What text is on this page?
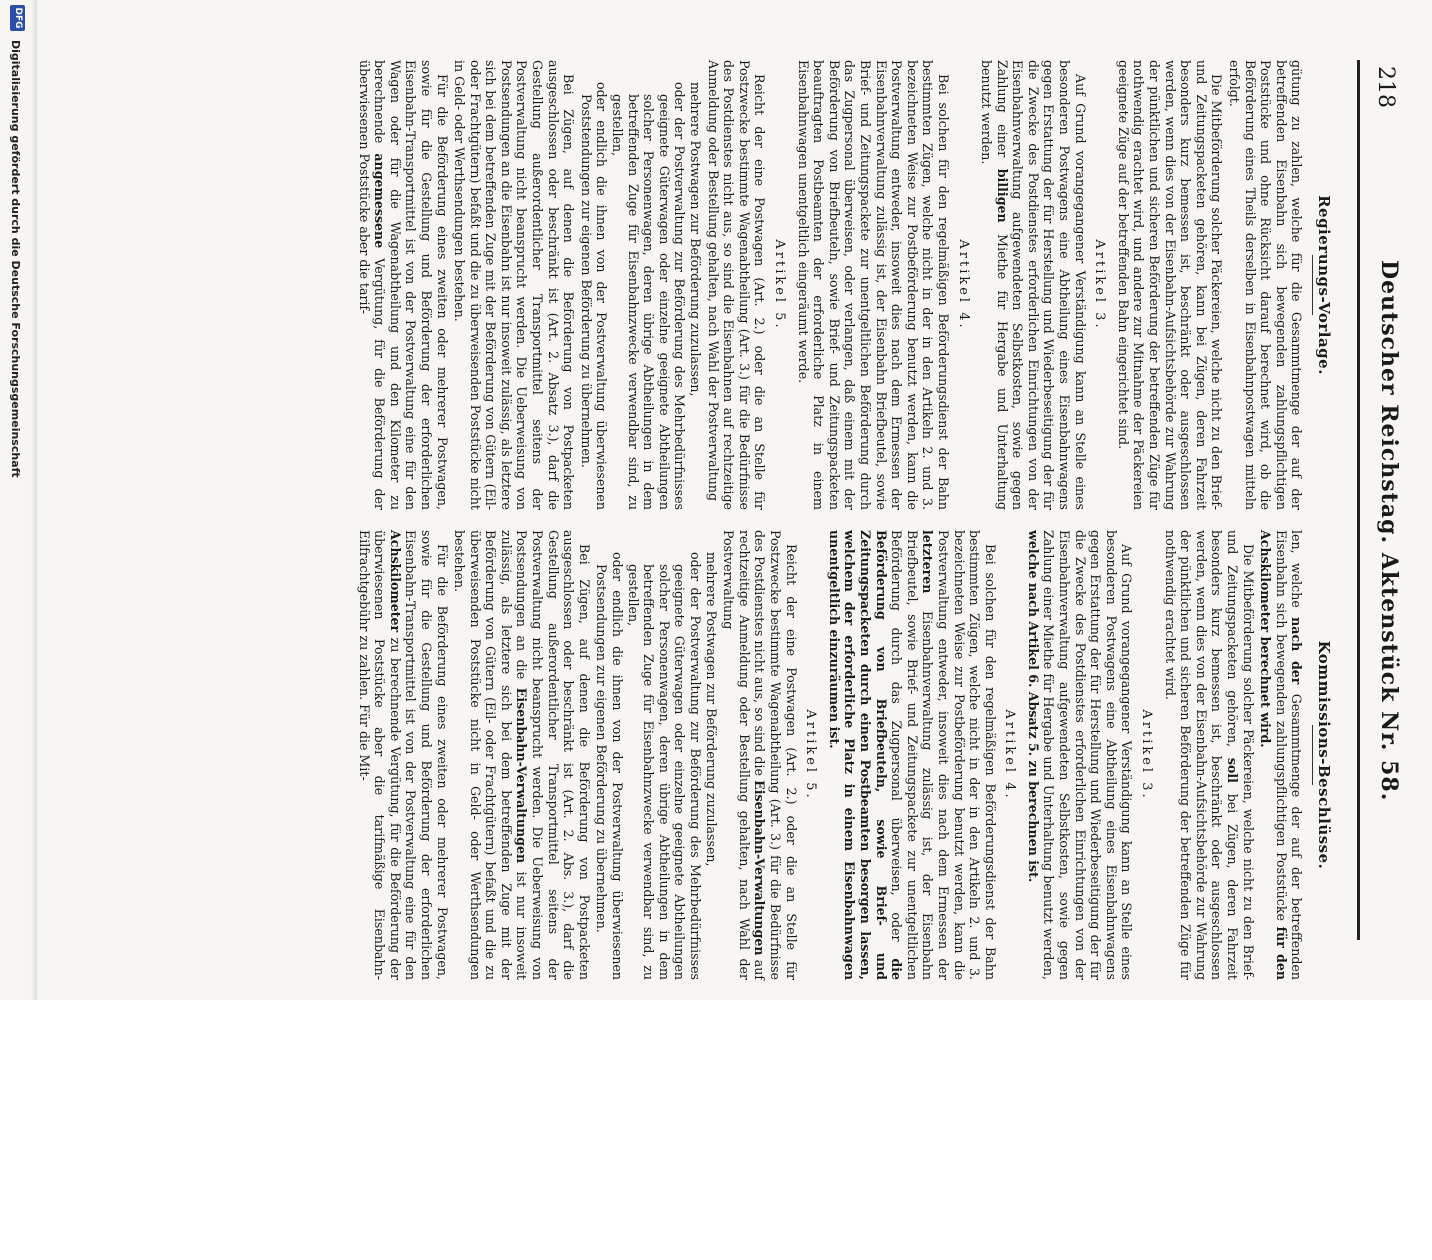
218
Deutscher Reichstag. Aktenstück Nr. 58.
Regierungs-Vorlage.

gütung zu zahlen, welche für die Gesammtmenge der auf der betreffenden Eisenbahn sich bewegenden zahlungspflichtigen Poststücke und ohne Rücksicht darauf berechnet wird, ob die Beförderung eines Theils derselben in Eisenbahnpostwagen mitteln erfolgt.

Die Mitbeförderung solcher Päckereien, welche nicht zu den Brief- und Zeitungspacketen gehören, kann bei Zügen, deren Fahrzeit besonders kurz bemessen ist, beschränkt oder ausgeschlossen werden, wenn dies von der Eisenbahn-Aufsichtsbehörde zur Wahrung der pünktlichen und sicheren Beförderung der betreffenden Züge für nothwendig erachtet wird, und andere zur Mitnahme der Päckereien geeignete Züge auf der betreffenden Bahn eingerichtet sind.

Artikel 3.

Auf Grund vorangegangener Verständigung kann an Stelle eines besonderen Postwagens eine Abtheilung eines Eisenbahnwagens gegen Erstattung der für Herstellung und Wiederbeseitigung der für die Zwecke des Postdienstes erforderlichen Einrichtungen von der Eisenbahnverwaltung aufgewendeten Selbstkosten, sowie gegen Zahlung einer billigen Miethe für Hergabe und Unterhaltung benutzt werden.

Artikel 4.

Bei solchen für den regelmäßigen Beförderungsdienst der Bahn bestimmten Zügen, welche nicht in der in den Artikeln 2. und 3. bezeichneten Weise zur Postbeförderung benutzt werden, kann die Postverwaltung entweder, insoweit dies nach dem Ermessen der Eisenbahnverwaltung zulässig ist, der Eisenbahn Briefbeutel, sowie Brief- und Zeitungspackete zur unentgeltlichen Beförderung durch das Zugpersonal überweisen, oder verlangen, daß einem mit der Beförderung von Briefbeuteln, sowie Brief- und Zeitungspacketen beauftragten Postbeamten der erforderliche Platz in einem Eisenbahnwagen unentgeltlich eingeräumt werde.

Artikel 5.

Reicht der eine Postwagen (Art. 2.) oder die an Stelle für Postzwecke bestimmte Wagenabtheilung (Art. 3.) für die Bedürfnisse des Postdienstes nicht aus, so sind die Eisenbahnen auf rechtzeitige Anmeldung oder Bestellung gehalten, nach Wahl der Postverwaltung

mehrere Postwagen zur Beförderung zuzulassen,
oder der Postverwaltung zur Beförderung des Mehrbedürfnisses geeignete Güterwagen oder einzelne geeignete Abtheilungen solcher Personenwagen, deren übrige Abtheilungen in dem betreffenden Zuge für Eisenbahnzwecke verwendbar sind, zu gestellen,
oder endlich die ihnen von der Postverwaltung überwiesenen Poststendungen zur eigenen Beförderung zu übernehmen.

Bei Zügen, auf denen die Beförderung von Postpacketen ausgeschlossen oder beschränkt ist (Art. 2. Absatz 3.), darf die Gestellung außerordentlicher Transportmittel seitens der Postverwaltung nicht beansprucht werden. Die Ueberweisung von Postsendungen an die Eisenbahn ist nur insoweit zulässig, als letztere sich bei dem betreffenden Zuge mit der Beförderung von Gütern (Eil- oder Frachtgütern) befaßt und die zu überweisenden Poststücke nicht in Geld- oder Werthsendungen bestehen.

Für die Beförderung eines zweiten oder mehrerer Postwagen, sowie für die Gestellung und Beförderung der erforderlichen Eisenbahn-Transportmittel ist von der Postverwaltung eine für den Wagen oder für die Wagenabtheilung und den Kilometer zu berechnende angemessene Vergütung, für die Beförderung der überwiesenen Poststücke aber die tarif-

Kommissions-Beschlüsse.

len, welche nach der Gesammtmenge der auf der betreffenden Eisenbahn sich bewegenden zahlungspflichtigen Poststücke für den Achskilometer berechnet wird.

Die Mitbeförderung solcher Päckereien, welche nicht zu den Brief- und Zeitungspacketen gehören, soll bei Zügen, deren Fahrzeit besonders kurz bemessen ist, beschränkt oder ausgeschlossen werden, wenn dies von der Eisenbahn-Aufsichtsbehörde zur Wahrung der pünktlichen und sicheren Beförderung der betreffenden Züge für nothwendig erachtet wird.

Artikel 3.

Auf Grund vorangegangener Verständigung kann an Stelle eines besonderen Postwagens eine Abtheilung eines Eisenbahnwagens gegen Erstattung der für Herstellung und Wiederbeseitigung der für die Zwecke des Postdienstes erforderlichen Einrichtungen von der Eisenbahnverwaltung aufgewendeten Selbstkosten, sowie gegen Zahlung einer Miethe für Hergabe und Unterhaltung benutzt werden, welche nach Artikel 6. Absatz 5. zu berechnen ist.

Artikel 4.

Bei solchen für den regelmäßigen Beförderungsdienst der Bahn bestimmten Zügen, welche nicht in der in den Artikeln 2. und 3. bezeichneten Weise zur Postbeförderung benutzt werden, kann die Postverwaltung entweder, insoweit dies nach dem Ermessen der letzteren Eisenbahnverwaltung zulässig ist, der Eisenbahn Briefbeutel, sowie Brief- und Zeitungspackete zur unentgeltlichen Beförderung durch das Zugpersonal überweisen, oder die Beförderung von Briefbeuteln, sowie Brief- und Zeitungspacketen durch einen Postbeamten besorgen lassen, welchem der erforderliche Platz in einem Eisenbahnwagen unentgeltlich einzuräumen ist.

Artikel 5.

Reicht der eine Postwagen (Art. 2.) oder die an Stelle für Postzwecke bestimmte Wagenabtheilung (Art. 3.) für die Bedürfnisse des Postdienstes nicht aus, so sind die Eisenbahn-Verwaltungen auf rechtzeitige Anmeldung oder Bestellung gehalten, nach Wahl der Postverwaltung

mehrere Postwagen zur Beförderung zuzulassen,
oder der Postverwaltung zur Beförderung des Mehrbedürfnisses geeignete Güterwagen oder einzelne geeignete Abtheilungen solcher Personenwagen, deren übrige Abtheilungen in dem betreffenden Zuge für Eisenbahnzwecke verwendbar sind, zu gestellen,
oder endlich die ihnen von der Postverwaltung überwiesenen Postsendungen zur eigenen Beförderung zu übernehmen.

Bei Zügen, auf denen die Beförderung von Postpacketen ausgeschlossen oder beschränkt ist (Art. 2. Abs. 3.), darf die Gestellung außerordentlicher Transportmittel seitens der Postverwaltung nicht beansprucht werden. Die Ueberweisung von Postsendungen an die Eisenbahn-Verwaltungen ist nur insoweit zulässig, als letztere sich bei dem betreffenden Zuge mit der Beförderung von Gütern (Eil- oder Frachtgütern) befaßt und die zu überweisenden Poststücke nicht in Geld- oder Werthsendungen bestehen.

Für die Beförderung eines zweiten oder mehrerer Postwagen, sowie für die Gestellung und Beförderung der erforderlichen Eisenbahn-Transportmittel ist von der Postverwaltung eine für den Achskilometer zu berechnende Vergütung, für die Beförderung der überwiesenen Poststücke aber die tarifmäßige Eisenbahn-Eilfrachtgebühr zu zahlen. Für die Mit-

DFG
Digitalisierung gefördert durch die Deutsche Forschungsgemeinschaft
